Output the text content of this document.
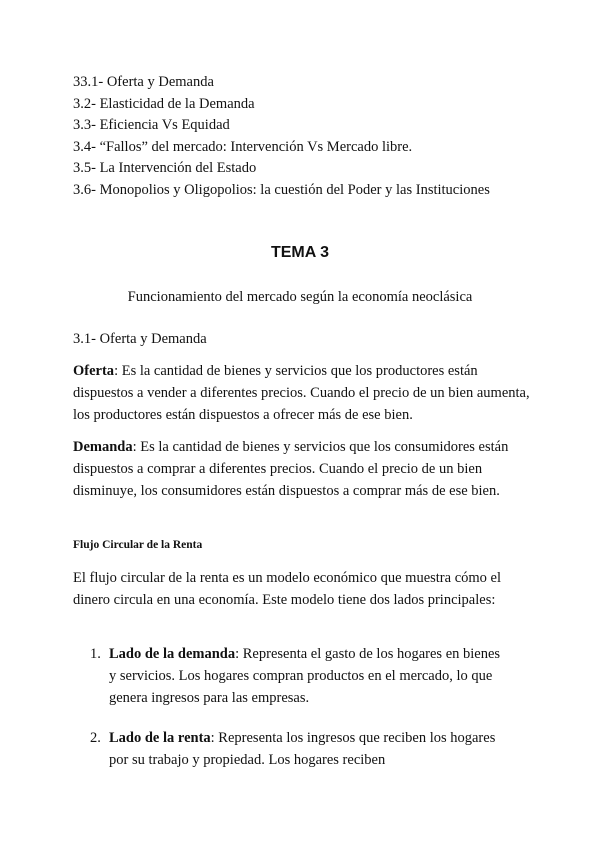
33.1- Oferta y Demanda
3.2- Elasticidad de la Demanda
3.3- Eficiencia Vs Equidad
3.4- “Fallos” del mercado: Intervención Vs Mercado libre.
3.5- La Intervención del Estado
3.6- Monopolios y Oligopolios: la cuestión del Poder y las Instituciones
TEMA 3
Funcionamiento del mercado según la economía neoclásica
3.1- Oferta y Demanda
Oferta: Es la cantidad de bienes y servicios que los productores están dispuestos a vender a diferentes precios. Cuando el precio de un bien aumenta, los productores están dispuestos a ofrecer más de ese bien.
Demanda: Es la cantidad de bienes y servicios que los consumidores están dispuestos a comprar a diferentes precios. Cuando el precio de un bien disminuye, los consumidores están dispuestos a comprar más de ese bien.
Flujo Circular de la Renta
El flujo circular de la renta es un modelo económico que muestra cómo el dinero circula en una economía. Este modelo tiene dos lados principales:
1. Lado de la demanda: Representa el gasto de los hogares en bienes y servicios. Los hogares compran productos en el mercado, lo que genera ingresos para las empresas.
2. Lado de la renta: Representa los ingresos que reciben los hogares por su trabajo y propiedad. Los hogares reciben
